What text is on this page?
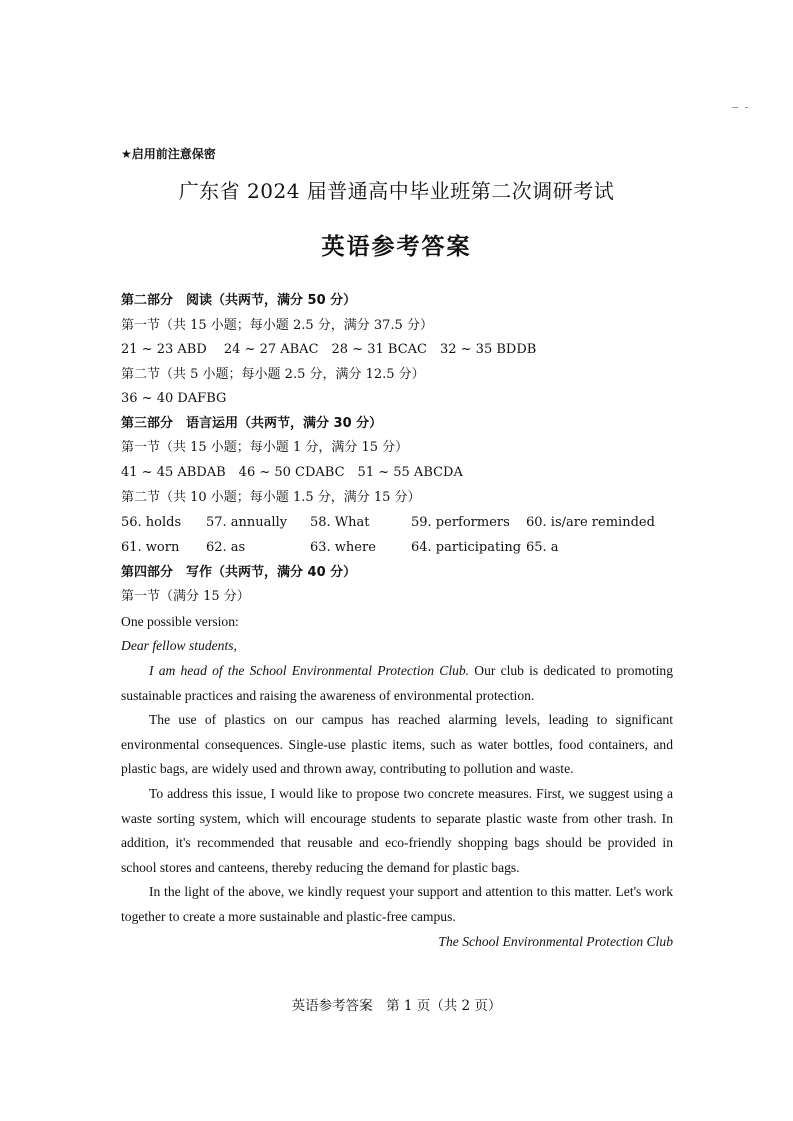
★启用前注意保密
广东省 2024 届普通高中毕业班第二次调研考试
英语参考答案
第二部分　阅读（共两节，满分 50 分）
第一节（共 15 小题；每小题 2.5 分，满分 37.5 分）
21 ~ 23 ABD　 24 ~ 27 ABAC　28 ~ 31 BCAC　32 ~ 35 BDDB
第二节（共 5 小题；每小题 2.5 分，满分 12.5 分）
36 ~ 40 DAFBG
第三部分　语言运用（共两节，满分 30 分）
第一节（共 15 小题；每小题 1 分，满分 15 分）
41 ~ 45 ABDAB　46 ~ 50 CDABC　51 ~ 55 ABCDA
第二节（共 10 小题；每小题 1.5 分，满分 15 分）
56. holds 57. annually 58. What	59. performers 60. is/are reminded
61. worn 62. as	63. where	64. participating 65. a
第四部分　写作（共两节，满分 40 分）
第一节（满分 15 分）
One possible version:
Dear fellow students,

I am head of the School Environmental Protection Club. Our club is dedicated to promoting sustainable practices and raising the awareness of environmental protection.

The use of plastics on our campus has reached alarming levels, leading to significant environmental consequences. Single-use plastic items, such as water bottles, food containers, and plastic bags, are widely used and thrown away, contributing to pollution and waste.

To address this issue, I would like to propose two concrete measures. First, we suggest using a waste sorting system, which will encourage students to separate plastic waste from other trash. In addition, it's recommended that reusable and eco-friendly shopping bags should be provided in school stores and canteens, thereby reducing the demand for plastic bags.

In the light of the above, we kindly request your support and attention to this matter. Let's work together to create a more sustainable and plastic-free campus.

The School Environmental Protection Club
英语参考答案　第 1 页（共 2 页）
